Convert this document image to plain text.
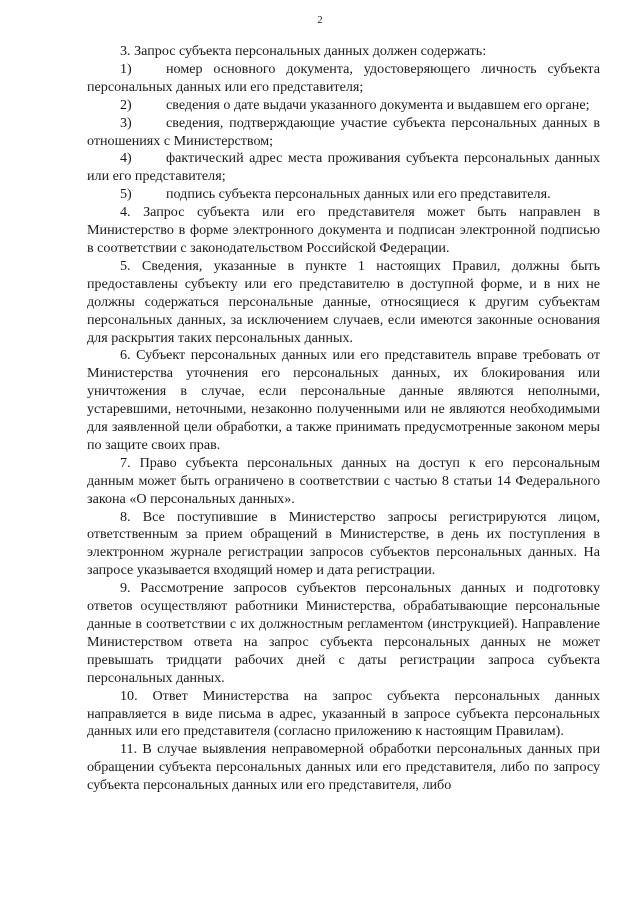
2

3. Запрос субъекта персональных данных должен содержать:

1) номер основного документа, удостоверяющего личность субъекта персональных данных или его представителя;

2) сведения о дате выдачи указанного документа и выдавшем его органе;

3) сведения, подтверждающие участие субъекта персональных данных в отношениях с Министерством;

4) фактический адрес места проживания субъекта персональных данных или его представителя;

5) подпись субъекта персональных данных или его представителя.

4. Запрос субъекта или его представителя может быть направлен в Министерство в форме электронного документа и подписан электронной подписью в соответствии с законодательством Российской Федерации.

5. Сведения, указанные в пункте 1 настоящих Правил, должны быть предоставлены субъекту или его представителю в доступной форме, и в них не должны содержаться персональные данные, относящиеся к другим субъектам персональных данных, за исключением случаев, если имеются законные основания для раскрытия таких персональных данных.

6. Субъект персональных данных или его представитель вправе требовать от Министерства уточнения его персональных данных, их блокирования или уничтожения в случае, если персональные данные являются неполными, устаревшими, неточными, незаконно полученными или не являются необходимыми для заявленной цели обработки, а также принимать предусмотренные законом меры по защите своих прав.

7. Право субъекта персональных данных на доступ к его персональным данным может быть ограничено в соответствии с частью 8 статьи 14 Федерального закона «О персональных данных».

8. Все поступившие в Министерство запросы регистрируются лицом, ответственным за прием обращений в Министерстве, в день их поступления в электронном журнале регистрации запросов субъектов персональных данных. На запросе указывается входящий номер и дата регистрации.

9. Рассмотрение запросов субъектов персональных данных и подготовку ответов осуществляют работники Министерства, обрабатывающие персональные данные в соответствии с их должностным регламентом (инструкцией). Направление Министерством ответа на запрос субъекта персональных данных не может превышать тридцати рабочих дней с даты регистрации запроса субъекта персональных данных.

10. Ответ Министерства на запрос субъекта персональных данных направляется в виде письма в адрес, указанный в запросе субъекта персональных данных или его представителя (согласно приложению к настоящим Правилам).

11. В случае выявления неправомерной обработки персональных данных при обращении субъекта персональных данных или его представителя, либо по запросу субъекта персональных данных или его представителя, либо
